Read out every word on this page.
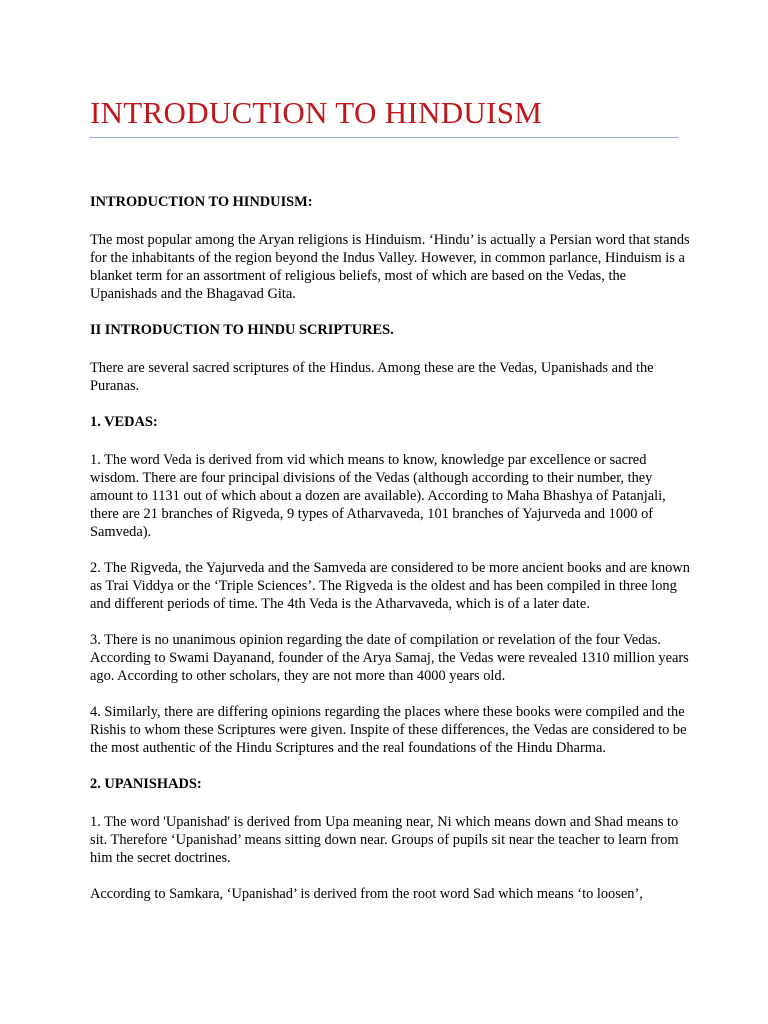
INTRODUCTION TO HINDUISM

INTRODUCTION TO HINDUISM:

The most popular among the Aryan religions is Hinduism. ‘Hindu’ is actually a Persian word that stands for the inhabitants of the region beyond the Indus Valley. However, in common parlance, Hinduism is a blanket term for an assortment of religious beliefs, most of which are based on the Vedas, the Upanishads and the Bhagavad Gita.

II INTRODUCTION TO HINDU SCRIPTURES.

There are several sacred scriptures of the Hindus. Among these are the Vedas, Upanishads and the Puranas.

1. VEDAS:

1. The word Veda is derived from vid which means to know, knowledge par excellence or sacred wisdom. There are four principal divisions of the Vedas (although according to their number, they amount to 1131 out of which about a dozen are available). According to Maha Bhashya of Patanjali, there are 21 branches of Rigveda, 9 types of Atharvaveda, 101 branches of Yajurveda and 1000 of Samveda).

2. The Rigveda, the Yajurveda and the Samveda are considered to be more ancient books and are known as Trai Viddya or the ‘Triple Sciences’. The Rigveda is the oldest and has been compiled in three long and different periods of time. The 4th Veda is the Atharvaveda, which is of a later date.

3. There is no unanimous opinion regarding the date of compilation or revelation of the four Vedas. According to Swami Dayanand, founder of the Arya Samaj, the Vedas were revealed 1310 million years ago. According to other scholars, they are not more than 4000 years old.

4. Similarly, there are differing opinions regarding the places where these books were compiled and the Rishis to whom these Scriptures were given. Inspite of these differences, the Vedas are considered to be the most authentic of the Hindu Scriptures and the real foundations of the Hindu Dharma.

2. UPANISHADS:

1. The word 'Upanishad' is derived from Upa meaning near, Ni which means down and Shad means to sit. Therefore ‘Upanishad’ means sitting down near. Groups of pupils sit near the teacher to learn from him the secret doctrines.

According to Samkara, ‘Upanishad’ is derived from the root word Sad which means ‘to loosen’,
